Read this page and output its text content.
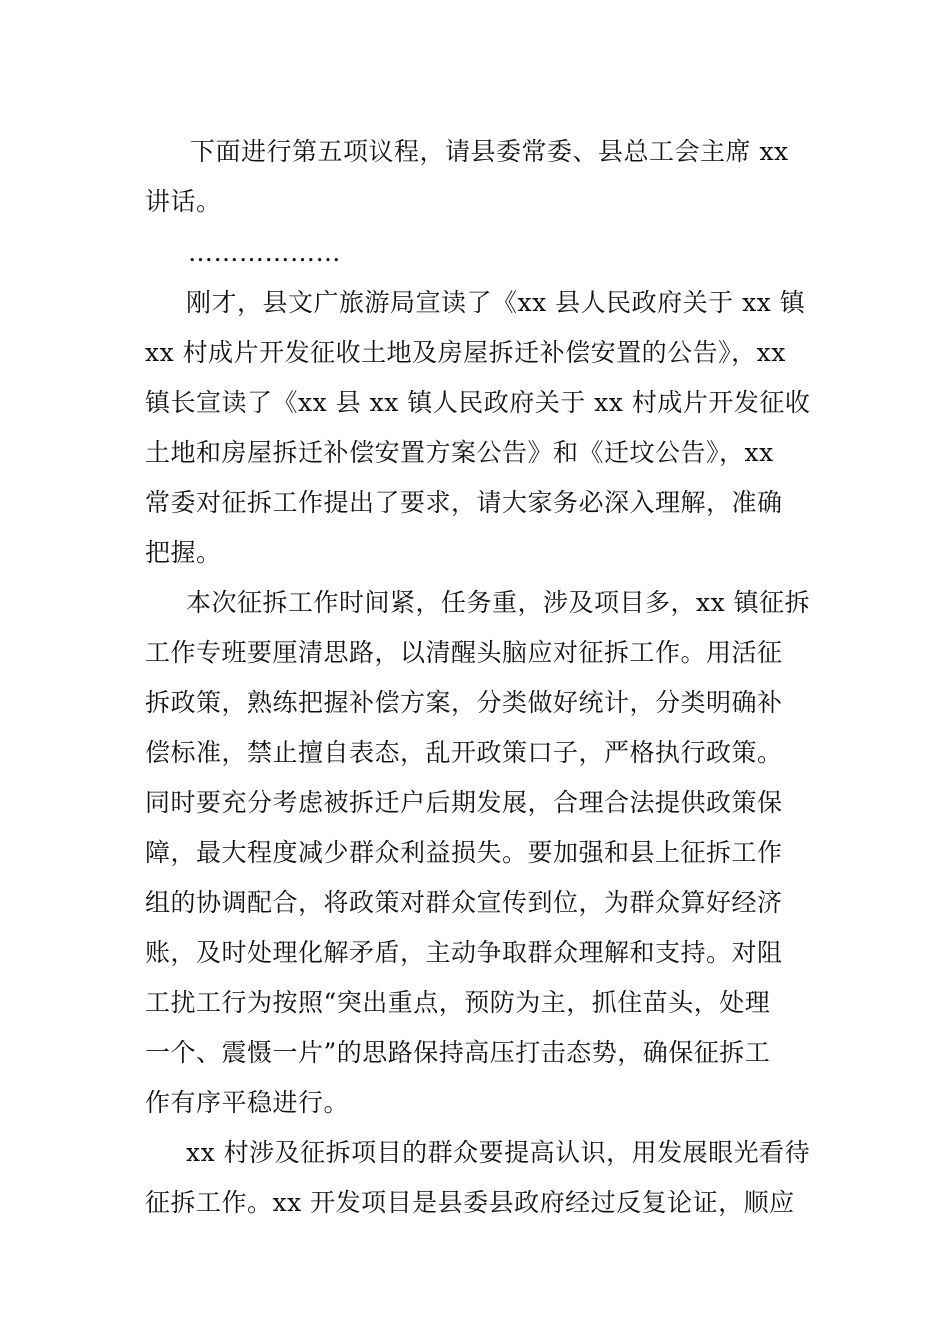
下面进行第五项议程，请县委常委、县总工会主席 xx
讲话。
………………
刚才，县文广旅游局宣读了《xx 县人民政府关于 xx 镇
xx 村成片开发征收土地及房屋拆迁补偿安置的公告》，xx
镇长宣读了《xx 县 xx 镇人民政府关于 xx 村成片开发征收
土地和房屋拆迁补偿安置方案公告》和《迁坟公告》，xx
常委对征拆工作提出了要求，请大家务必深入理解，准确
把握。
本次征拆工作时间紧，任务重，涉及项目多，xx 镇征拆
工作专班要厘清思路，以清醒头脑应对征拆工作。用活征
拆政策，熟练把握补偿方案，分类做好统计，分类明确补
偿标准，禁止擅自表态，乱开政策口子，严格执行政策。
同时要充分考虑被拆迁户后期发展，合理合法提供政策保
障，最大程度减少群众利益损失。要加强和县上征拆工作
组的协调配合，将政策对群众宣传到位，为群众算好经济
账，及时处理化解矛盾，主动争取群众理解和支持。对阻
工扰工行为按照“突出重点，预防为主，抓住苗头，处理
一个、震慑一片”的思路保持高压打击态势，确保征拆工
作有序平稳进行。
xx 村涉及征拆项目的群众要提高认识，用发展眼光看待
征拆工作。xx 开发项目是县委县政府经过反复论证，顺应
